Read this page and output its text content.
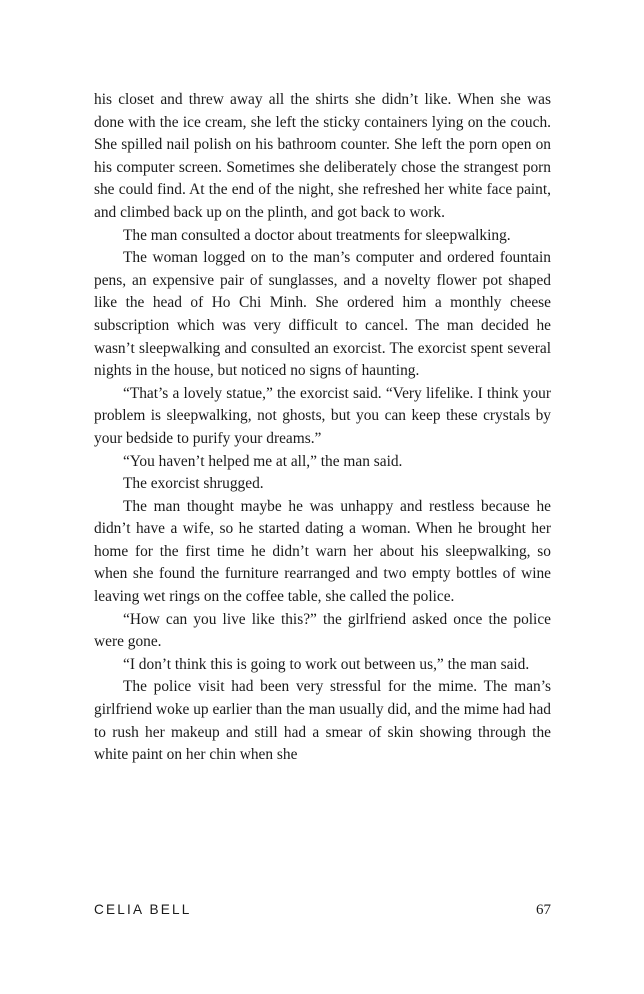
his closet and threw away all the shirts she didn’t like. When she was done with the ice cream, she left the sticky containers lying on the couch. She spilled nail polish on his bathroom counter. She left the porn open on his computer screen. Sometimes she deliberately chose the strangest porn she could find. At the end of the night, she refreshed her white face paint, and climbed back up on the plinth, and got back to work.

The man consulted a doctor about treatments for sleepwalking.

The woman logged on to the man’s computer and ordered fountain pens, an expensive pair of sunglasses, and a novelty flower pot shaped like the head of Ho Chi Minh. She ordered him a monthly cheese subscription which was very difficult to cancel. The man decided he wasn’t sleepwalking and consulted an exorcist. The exorcist spent several nights in the house, but noticed no signs of haunting.

“That’s a lovely statue,” the exorcist said. “Very lifelike. I think your problem is sleepwalking, not ghosts, but you can keep these crystals by your bedside to purify your dreams.”

“You haven’t helped me at all,” the man said.

The exorcist shrugged.

The man thought maybe he was unhappy and restless because he didn’t have a wife, so he started dating a woman. When he brought her home for the first time he didn’t warn her about his sleepwalking, so when she found the furniture rearranged and two empty bottles of wine leaving wet rings on the coffee table, she called the police.

“How can you live like this?” the girlfriend asked once the police were gone.

“I don’t think this is going to work out between us,” the man said.

The police visit had been very stressful for the mime. The man’s girlfriend woke up earlier than the man usually did, and the mime had had to rush her makeup and still had a smear of skin showing through the white paint on her chin when she

CELIA BELL	67
